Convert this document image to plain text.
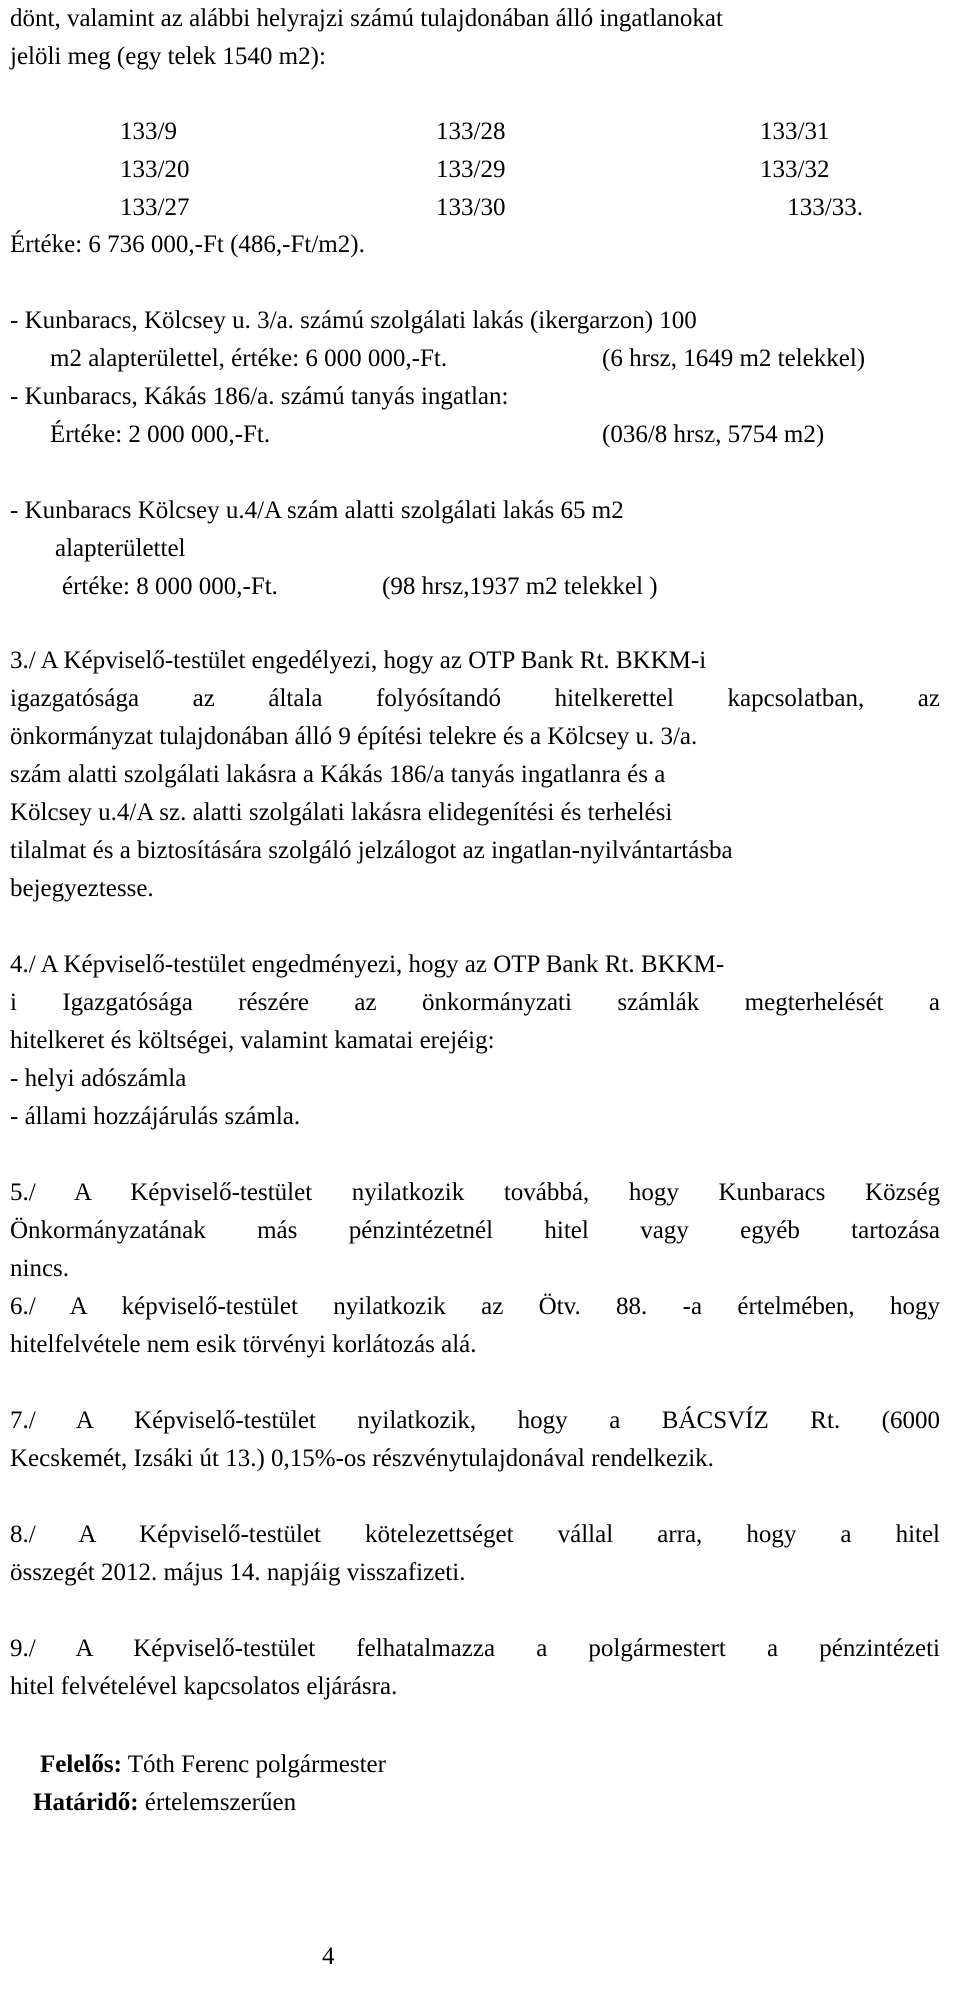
dönt, valamint az alábbi helyrajzi számú tulajdonában álló ingatlanokat
jelöli meg (egy telek 1540 m2):
133/9	133/28	133/31
133/20	133/29	133/32
133/27	133/30	133/33.
Értéke: 6 736 000,-Ft (486,-Ft/m2).
- Kunbaracs, Kölcsey u. 3/a. számú szolgálati lakás (ikergarzon) 100
m2 alapterülettel, értéke: 6 000 000,-Ft.	(6 hrsz, 1649 m2 telekkel)
- Kunbaracs, Kákás 186/a. számú tanyás ingatlan:
Értéke: 2 000 000,-Ft.	(036/8 hrsz, 5754 m2)
- Kunbaracs Kölcsey u.4/A szám alatti szolgálati lakás 65 m2
alapterülettel
értéke: 8 000 000,-Ft.	(98 hrsz,1937 m2 telekkel )
3./ A Képviselő-testület engedélyezi, hogy az OTP Bank Rt. BKKM-i
igazgatósága az általa folyósítandó hitelkerettel kapcsolatban, az
önkormányzat tulajdonában álló 9 építési telekre és a Kölcsey u. 3/a.
szám alatti szolgálati lakásra a Kákás 186/a tanyás ingatlanra és a
Kölcsey u.4/A sz. alatti szolgálati lakásra elidegenítési és terhelési
tilalmat és a biztosítására szolgáló jelzálogot az ingatlan-nyilvántartásba
bejegyeztesse.
4./ A Képviselő-testület engedményezi, hogy az OTP Bank Rt. BKKM-
i Igazgatósága részére az önkormányzati számlák megterhelését a
hitelkeret és költségei, valamint kamatai erejéig:
- helyi adószámla
- állami hozzájárulás számla.
5./ A Képviselő-testület nyilatkozik továbbá, hogy Kunbaracs Község
Önkormányzatának más pénzintézetnél hitel vagy egyéb tartozása
nincs.
6./ A képviselő-testület nyilatkozik az Ötv. 88. -a értelmében, hogy
hitelfelvétele nem esik törvényi korlátozás alá.
7./ A Képviselő-testület nyilatkozik, hogy a BÁCSVÍZ Rt. (6000
Kecskemét, Izsáki út 13.) 0,15%-os részvénytulajdonával rendelkezik.
8./ A Képviselő-testület kötelezettséget vállal arra, hogy a hitel
összegét 2012. május 14. napjáig visszafizeti.
9./ A Képviselő-testület felhatalmazza a polgármestert a pénzintézeti
hitel felvételével kapcsolatos eljárásra.
Felelős: Tóth Ferenc polgármester
Határidő: értelemszerűen
4
